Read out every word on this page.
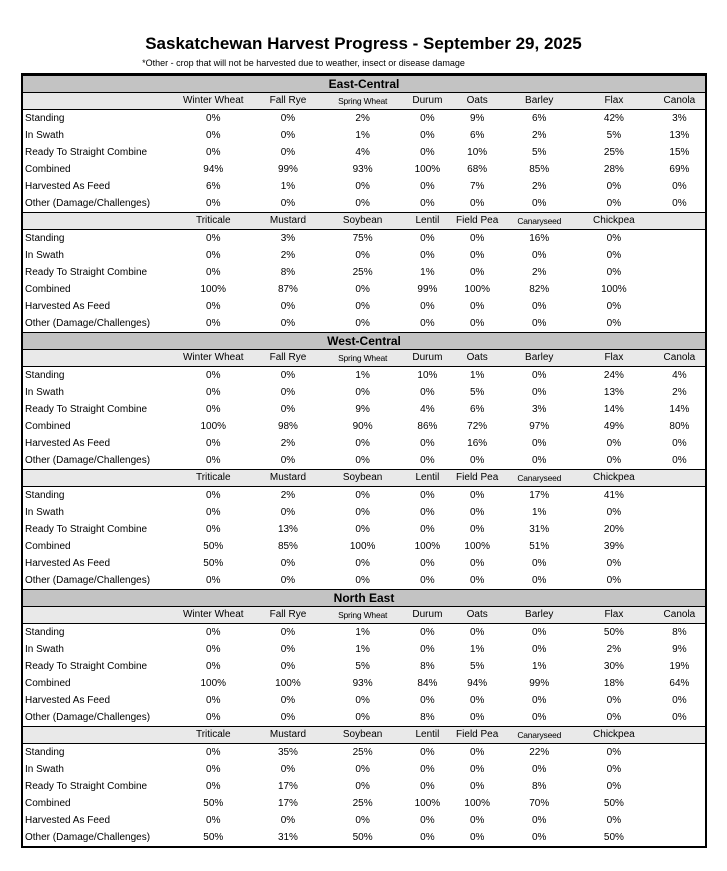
Saskatchewan Harvest Progress - September 29, 2025
*Other - crop that will not be harvested due to weather, insect or disease damage
East-Central
	Winter Wheat	Fall Rye	Spring Wheat	Durum	Oats	Barley	Flax	Canola
Standing	0%	0%	2%	0%	9%	6%	42%	3%
In Swath	0%	0%	1%	0%	6%	2%	5%	13%
Ready To Straight Combine	0%	0%	4%	0%	10%	5%	25%	15%
Combined	94%	99%	93%	100%	68%	85%	28%	69%
Harvested As Feed	6%	1%	0%	0%	7%	2%	0%	0%
Other (Damage/Challenges)	0%	0%	0%	0%	0%	0%	0%	0%
	Triticale	Mustard	Soybean	Lentil	Field Pea	Canaryseed	Chickpea	
Standing	0%	3%	75%	0%	0%	16%	0%	
In Swath	0%	2%	0%	0%	0%	0%	0%	
Ready To Straight Combine	0%	8%	25%	1%	0%	2%	0%	
Combined	100%	87%	0%	99%	100%	82%	100%	
Harvested As Feed	0%	0%	0%	0%	0%	0%	0%	
Other (Damage/Challenges)	0%	0%	0%	0%	0%	0%	0%	
West-Central
	Winter Wheat	Fall Rye	Spring Wheat	Durum	Oats	Barley	Flax	Canola
Standing	0%	0%	1%	10%	1%	0%	24%	4%
In Swath	0%	0%	0%	0%	5%	0%	13%	2%
Ready To Straight Combine	0%	0%	9%	4%	6%	3%	14%	14%
Combined	100%	98%	90%	86%	72%	97%	49%	80%
Harvested As Feed	0%	2%	0%	0%	16%	0%	0%	0%
Other (Damage/Challenges)	0%	0%	0%	0%	0%	0%	0%	0%
	Triticale	Mustard	Soybean	Lentil	Field Pea	Canaryseed	Chickpea	
Standing	0%	2%	0%	0%	0%	17%	41%	
In Swath	0%	0%	0%	0%	0%	1%	0%	
Ready To Straight Combine	0%	13%	0%	0%	0%	31%	20%	
Combined	50%	85%	100%	100%	100%	51%	39%	
Harvested As Feed	50%	0%	0%	0%	0%	0%	0%	
Other (Damage/Challenges)	0%	0%	0%	0%	0%	0%	0%	
North East
	Winter Wheat	Fall Rye	Spring Wheat	Durum	Oats	Barley	Flax	Canola
Standing	0%	0%	1%	0%	0%	0%	50%	8%
In Swath	0%	0%	1%	0%	1%	0%	2%	9%
Ready To Straight Combine	0%	0%	5%	8%	5%	1%	30%	19%
Combined	100%	100%	93%	84%	94%	99%	18%	64%
Harvested As Feed	0%	0%	0%	0%	0%	0%	0%	0%
Other (Damage/Challenges)	0%	0%	0%	8%	0%	0%	0%	0%
	Triticale	Mustard	Soybean	Lentil	Field Pea	Canaryseed	Chickpea	
Standing	0%	35%	25%	0%	0%	22%	0%	
In Swath	0%	0%	0%	0%	0%	0%	0%	
Ready To Straight Combine	0%	17%	0%	0%	0%	8%	0%	
Combined	50%	17%	25%	100%	100%	70%	50%	
Harvested As Feed	0%	0%	0%	0%	0%	0%	0%	
Other (Damage/Challenges)	50%	31%	50%	0%	0%	0%	50%	
